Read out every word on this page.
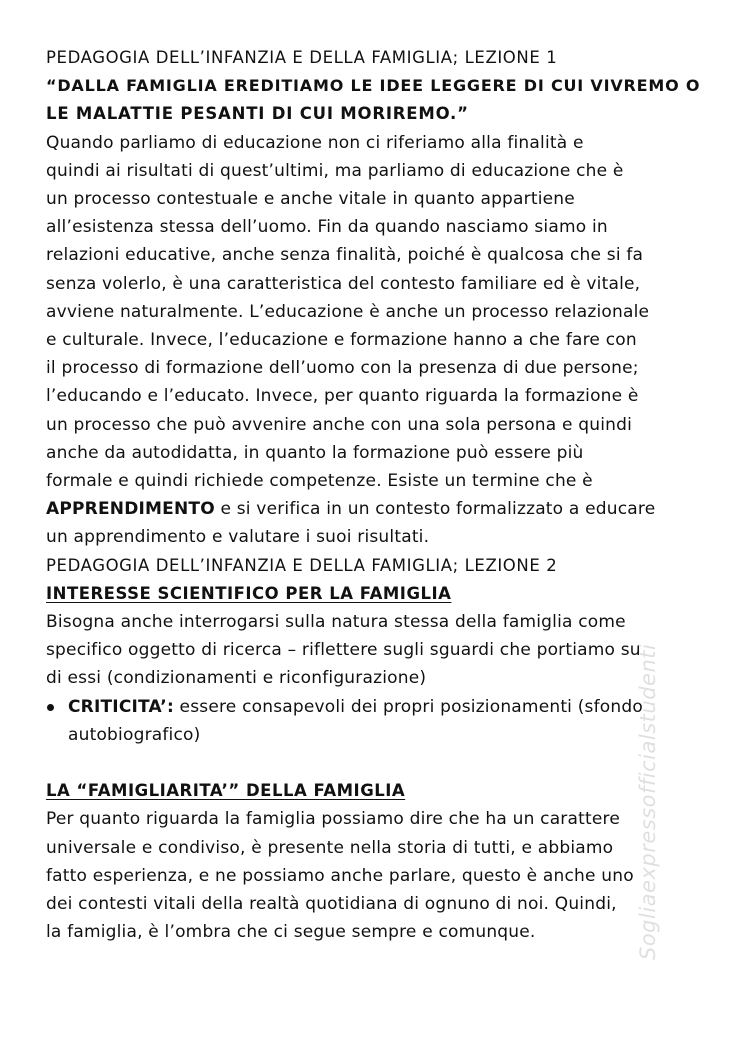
PEDAGOGIA DELL’INFANZIA E DELLA FAMIGLIA; LEZIONE 1
“DALLA FAMIGLIA EREDITIAMO LE IDEE LEGGERE DI CUI VIVREMO O
LE MALATTIE PESANTI DI CUI MORIREMO.”
Quando parliamo di educazione non ci riferiamo alla finalità e
quindi ai risultati di quest’ultimi, ma parliamo di educazione che è
un processo contestuale e anche vitale in quanto appartiene
all’esistenza stessa dell’uomo. Fin da quando nasciamo siamo in
relazioni educative, anche senza finalità, poiché è qualcosa che si fa
senza volerlo, è una caratteristica del contesto familiare ed è vitale,
avviene naturalmente. L’educazione è anche un processo relazionale
e culturale. Invece, l’educazione e formazione hanno a che fare con
il processo di formazione dell’uomo con la presenza di due persone;
l’educando e l’educato. Invece, per quanto riguarda la formazione è
un processo che può avvenire anche con una sola persona e quindi
anche da autodidatta, in quanto la formazione può essere più
formale e quindi richiede competenze. Esiste un termine che è
APPRENDIMENTO e si verifica in un contesto formalizzato a educare
un apprendimento e valutare i suoi risultati.
PEDAGOGIA DELL’INFANZIA E DELLA FAMIGLIA; LEZIONE 2
INTERESSE SCIENTIFICO PER LA FAMIGLIA
Bisogna anche interrogarsi sulla natura stessa della famiglia come
specifico oggetto di ricerca – riflettere sugli sguardi che portiamo su
di essi (condizionamenti e riconfigurazione)
CRITICITA’: essere consapevoli dei propri posizionamenti (sfondo
autobiografico)
LA “FAMIGLIARITA’” DELLA FAMIGLIA
Per quanto riguarda la famiglia possiamo dire che ha un carattere
universale e condiviso, è presente nella storia di tutti, e abbiamo
fatto esperienza, e ne possiamo anche parlare, questo è anche uno
dei contesti vitali della realtà quotidiana di ognuno di noi. Quindi,
la famiglia, è l’ombra che ci segue sempre e comunque.	Sogliaexpressofficialstudenti
